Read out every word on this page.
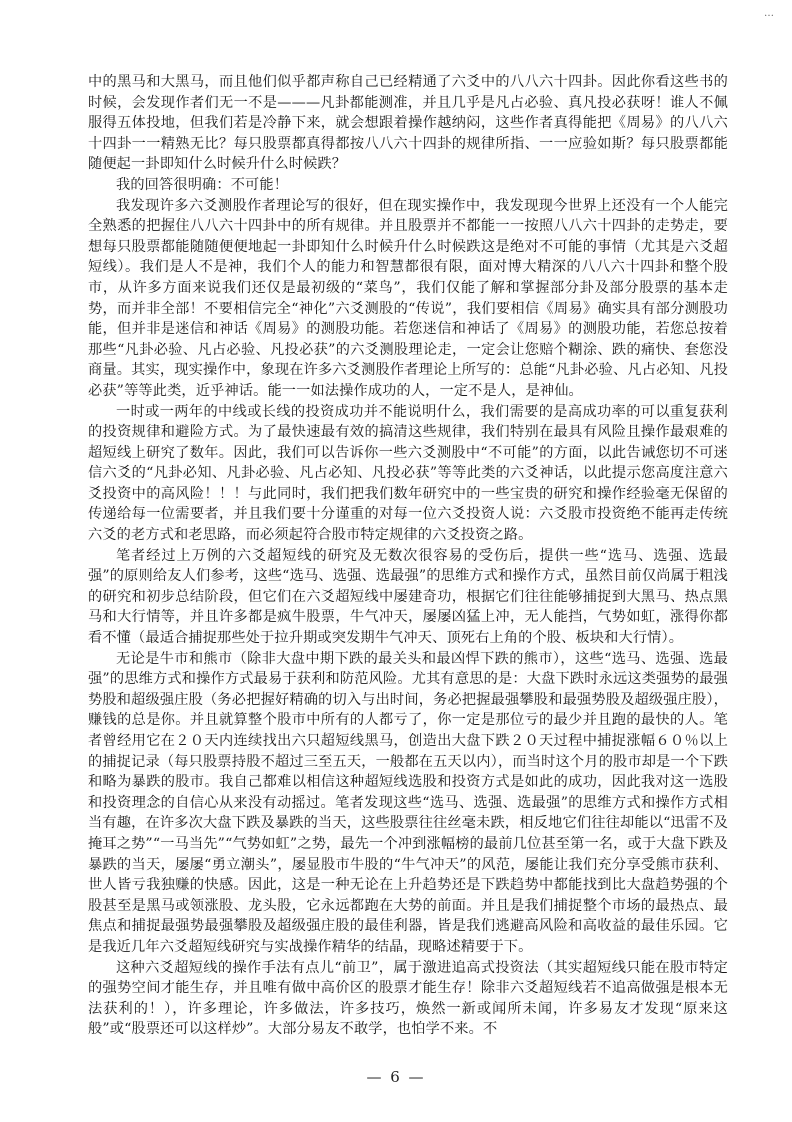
…

中的黑马和大黑马，而且他们似乎都声称自己已经精通了六爻中的八八六十四卦。因此你看这些书的时候，会发现作者们无一不是———凡卦都能测准，并且几乎是凡占必验、真凡投必获呀！谁人不佩服得五体投地，但我们若是冷静下来，就会想跟着操作越纳闷，这些作者真得能把《周易》的八八六十四卦一一精熟无比？每只股票都真得都按八八六十四卦的规律所指、一一应验如斯？每只股票都能随便起一卦即知什么时候升什么时候跌？

我的回答很明确：不可能！

我发现许多六爻测股作者理论写的很好，但在现实操作中，我发现现今世界上还没有一个人能完全熟悉的把握住八八六十四卦中的所有规律。并且股票并不都能一一按照八八六十四卦的走势走，要想每只股票都能随随便便地起一卦即知什么时候升什么时候跌这是绝对不可能的事情（尤其是六爻超短线）。我们是人不是神，我们个人的能力和智慧都很有限，面对博大精深的八八六十四卦和整个股市，从许多方面来说我们还仅是最初级的“菜鸟”，我们仅能了解和掌握部分卦及部分股票的基本走势，而并非全部！不要相信完全“神化”六爻测股的“传说”，我们要相信《周易》确实具有部分测股功能，但并非是迷信和神话《周易》的测股功能。若您迷信和神话了《周易》的测股功能，若您总按着那些“凡卦必验、凡占必验、凡投必获”的六爻测股理论走，一定会让您赔个糊涂、跌的痛快、套您没商量。其实，现实操作中，象现在许多六爻测股作者理论上所写的：总能“凡卦必验、凡占必知、凡投必获”等等此类，近乎神话。能一一如法操作成功的人，一定不是人，是神仙。

一时或一两年的中线或长线的投资成功并不能说明什么，我们需要的是高成功率的可以重复获利的投资规律和避险方式。为了最快速最有效的搞清这些规律，我们特别在最具有风险且操作最艰难的超短线上研究了数年。因此，我们可以告诉你一些六爻测股中“不可能”的方面，以此告诫您切不可迷信六爻的“凡卦必知、凡卦必验、凡占必知、凡投必获”等等此类的六爻神话，以此提示您高度注意六爻投资中的高风险！！！与此同时，我们把我们数年研究中的一些宝贵的研究和操作经验毫无保留的传递给每一位需要者，并且我们要十分谨重的对每一位六爻投资人说：六爻股市投资绝不能再走传统六爻的老方式和老思路，而必须起符合股市特定规律的六爻投资之路。

笔者经过上万例的六爻超短线的研究及无数次很容易的受伤后，提供一些“选马、选强、选最强”的原则给友人们参考，这些“选马、选强、选最强”的思维方式和操作方式，虽然目前仅尚属于粗浅的研究和初步总结阶段，但它们在六爻超短线中屡建奇功，根据它们往往能够捕捉到大黑马、热点黑马和大行情等，并且许多都是疯牛股票，牛气冲天，屡屡凶猛上冲，无人能挡，气势如虹，涨得你都看不懂（最适合捕捉那些处于拉升期或突发期牛气冲天、顶死右上角的个股、板块和大行情）。

无论是牛市和熊市（除非大盘中期下跌的最关头和最凶悍下跌的熊市），这些“选马、选强、选最强”的思维方式和操作方式最易于获利和防范风险。尤其有意思的是：大盘下跌时永远这类强势的最强势股和超级强庄股（务必把握好精确的切入与出时间，务必把握最强攀股和最强势股及超级强庄股），赚钱的总是你。并且就算整个股市中所有的人都亏了，你一定是那位亏的最少并且跑的最快的人。笔者曾经用它在２０天内连续找出六只超短线黑马，创造出大盘下跌２０天过程中捕捉涨幅６０％以上的捕捉记录（每只股票持股不超过三至五天，一般都在五天以内），而当时这个月的股市却是一个下跌和略为暴跌的股市。我自己都难以相信这种超短线选股和投资方式是如此的成功，因此我对这一选股和投资理念的自信心从来没有动摇过。笔者发现这些“选马、选强、选最强”的思维方式和操作方式相当有趣，在许多次大盘下跌及暴跌的当天，这些股票往往丝毫未跌，相反地它们往往却能以“迅雷不及掩耳之势”“一马当先”“气势如虹”之势，最先一个冲到涨幅榜的最前几位甚至第一名，或于大盘下跌及暴跌的当天，屡屡“勇立潮头”，屡显股市牛股的“牛气冲天”的风范，屡能让我们充分享受熊市获利、世人皆亏我独赚的快感。因此，这是一种无论在上升趋势还是下跌趋势中都能找到比大盘趋势强的个股甚至是黑马或领涨股、龙头股，它永远都跑在大势的前面。并且是我们捕捉整个市场的最热点、最焦点和捕捉最强势最强攀股及超级强庄股的最佳利器，皆是我们逃避高风险和高收益的最佳乐园。它是我近几年六爻超短线研究与实战操作精华的结晶，现略述精要于下。

这种六爻超短线的操作手法有点儿“前卫”，属于激进追高式投资法（其实超短线只能在股市特定的强势空间才能生存，并且唯有做中高价区的股票才能生存！除非六爻超短线若不追高做强是根本无法获利的！），许多理论，许多做法，许多技巧，焕然一新或闻所未闻，许多易友才发现“原来这般”或“股票还可以这样炒”。大部分易友不敢学，也怕学不来。不

— 6 —
